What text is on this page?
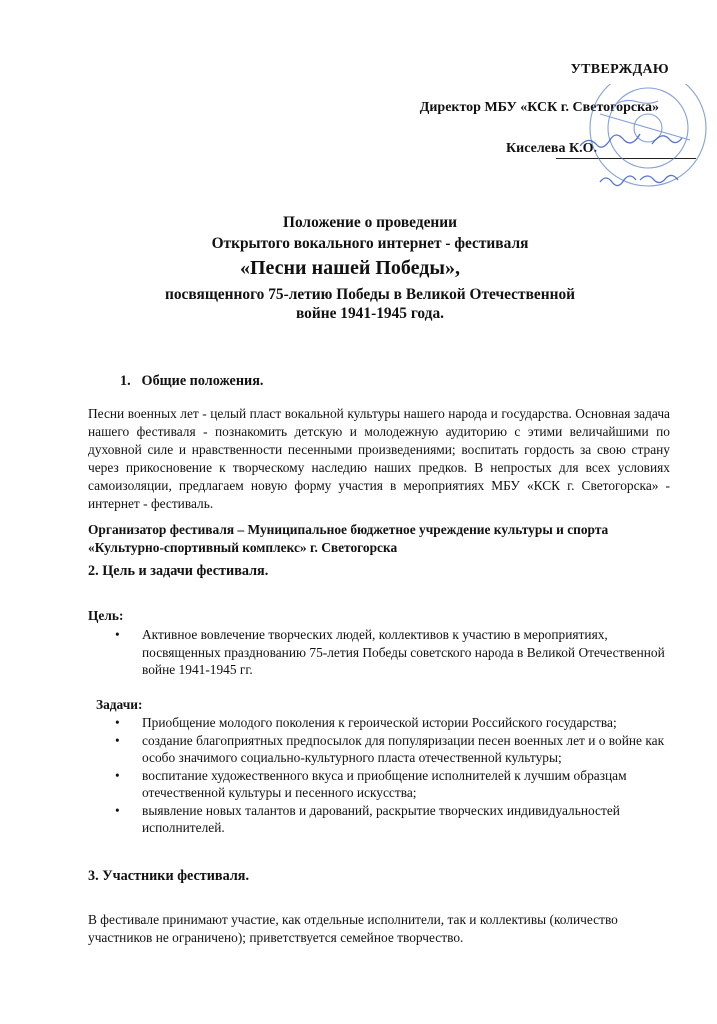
УТВЕРЖДАЮ
Директор МБУ «КСК г. Светогорска»
Киселева К.О.
Положение о проведении
Открытого вокального интернет - фестиваля
«Песни нашей Победы»,
посвященного 75-летию Победы в Великой Отечественной
войне 1941-1945 года.
1. Общие положения.
Песни военных лет - целый пласт вокальной культуры нашего народа и государства. Основная задача нашего фестиваля - познакомить детскую и молодежную аудиторию с этими величайшими по духовной силе и нравственности песенными произведениями; воспитать гордость за свою страну через прикосновение к творческому наследию наших предков. В непростых для всех условиях самоизоляции, предлагаем новую форму участия в мероприятиях МБУ «КСК г. Светогорска» - интернет - фестиваль.
Организатор фестиваля – Муниципальное бюджетное учреждение культуры и спорта «Культурно-спортивный комплекс» г. Светогорска
2. Цель и задачи фестиваля.
Цель:
• Активное вовлечение творческих людей, коллективов к участию в мероприятиях, посвященных празднованию 75-летия Победы советского народа в Великой Отечественной войне 1941-1945 гг.
Задачи:
• Приобщение молодого поколения к героической истории Российского государства;
• создание благоприятных предпосылок для популяризации песен военных лет и о войне как особо значимого социально-культурного пласта отечественной культуры;
• воспитание художественного вкуса и приобщение исполнителей к лучшим образцам отечественной культуры и песенного искусства;
• выявление новых талантов и дарований, раскрытие творческих индивидуальностей исполнителей.
3. Участники фестиваля.
В фестивале принимают участие, как отдельные исполнители, так и коллективы (количество участников не ограничено); приветствуется семейное творчество.
